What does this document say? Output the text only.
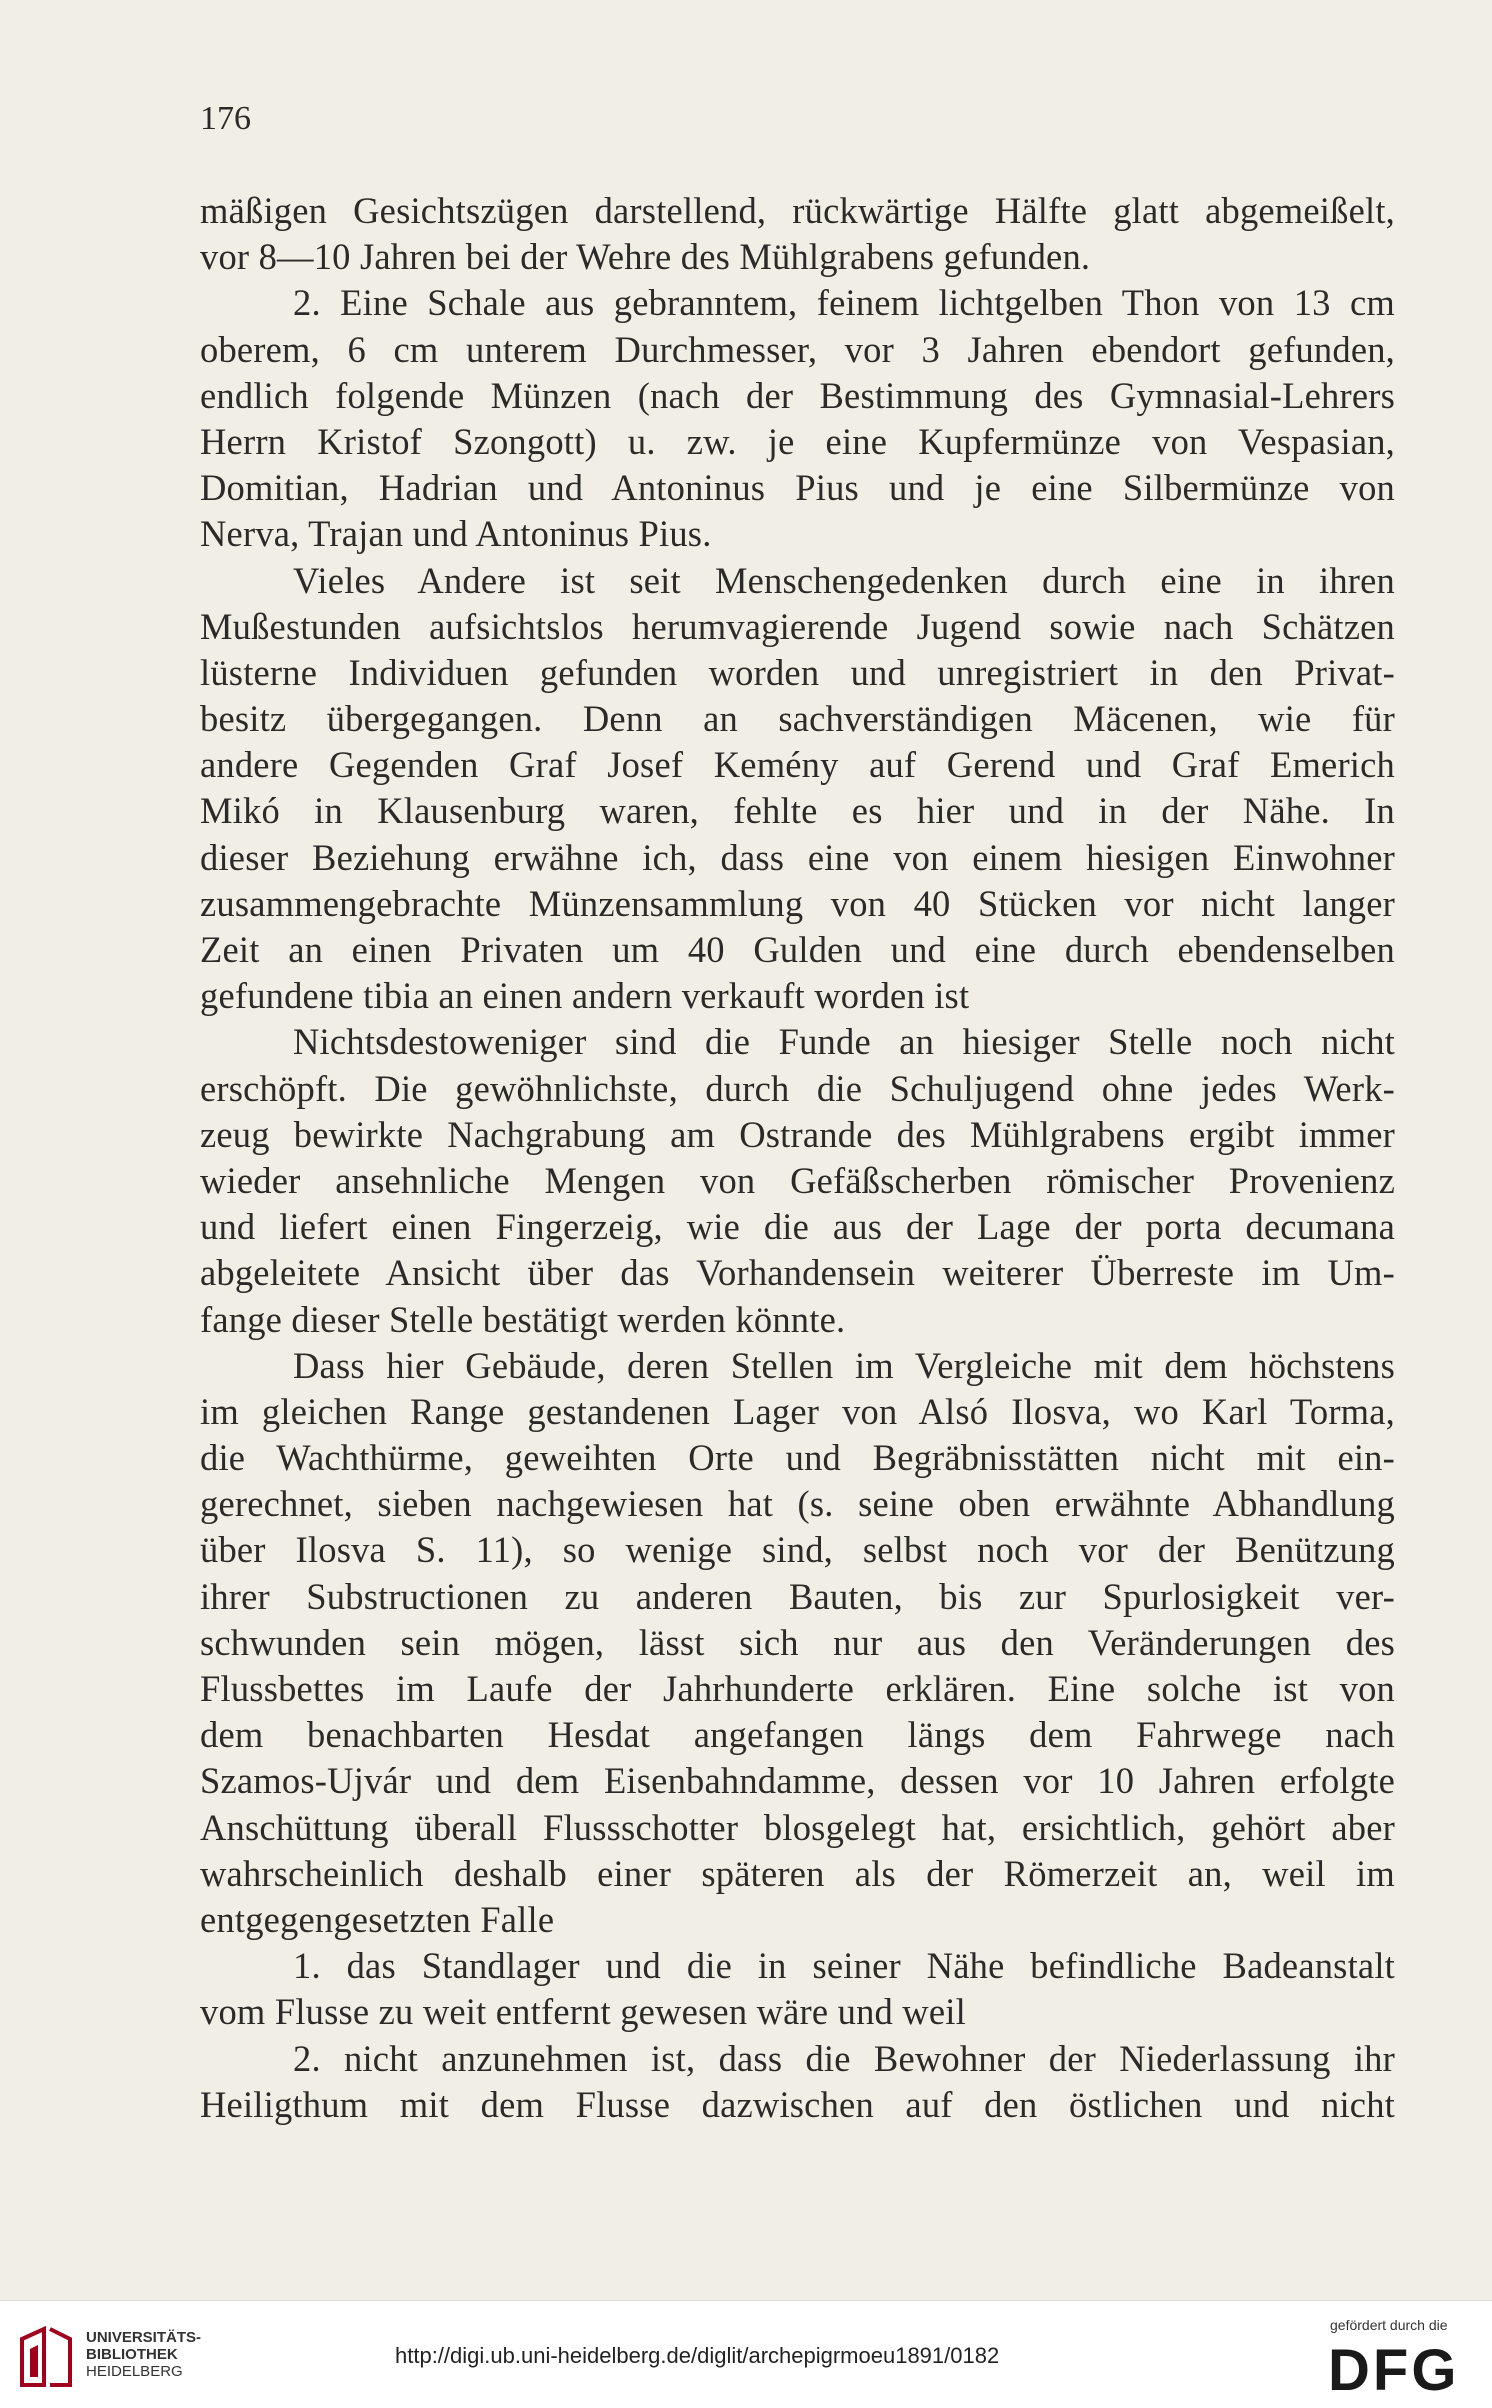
176
mäßigen Gesichtszügen darstellend, rückwärtige Hälfte glatt abgemeißelt,
vor 8—10 Jahren bei der Wehre des Mühlgrabens gefunden.
2. Eine Schale aus gebranntem, feinem lichtgelben Thon von 13 cm
oberem, 6 cm unterem Durchmesser, vor 3 Jahren ebendort gefunden,
endlich folgende Münzen (nach der Bestimmung des Gymnasial-Lehrers
Herrn Kristof Szongott) u. zw. je eine Kupfermünze von Vespasian,
Domitian, Hadrian und Antoninus Pius und je eine Silbermünze von
Nerva, Trajan und Antoninus Pius.
Vieles Andere ist seit Menschengedenken durch eine in ihren
Mußestunden aufsichtslos herumvagierende Jugend sowie nach Schätzen
lüsterne Individuen gefunden worden und unregistriert in den Privat-
besitz übergegangen. Denn an sachverständigen Mäcenen, wie für
andere Gegenden Graf Josef Kemény auf Gerend und Graf Emerich
Mikó in Klausenburg waren, fehlte es hier und in der Nähe. In
dieser Beziehung erwähne ich, dass eine von einem hiesigen Einwohner
zusammengebrachte Münzensammlung von 40 Stücken vor nicht langer
Zeit an einen Privaten um 40 Gulden und eine durch ebendenselben
gefundene tibia an einen andern verkauft worden ist
Nichtsdestoweniger sind die Funde an hiesiger Stelle noch nicht
erschöpft. Die gewöhnlichste, durch die Schuljugend ohne jedes Werk-
zeug bewirkte Nachgrabung am Ostrande des Mühlgrabens ergibt immer
wieder ansehnliche Mengen von Gefäßscherben römischer Provenienz
und liefert einen Fingerzeig, wie die aus der Lage der porta decumana
abgeleitete Ansicht über das Vorhandensein weiterer Überreste im Um-
fange dieser Stelle bestätigt werden könnte.
Dass hier Gebäude, deren Stellen im Vergleiche mit dem höchstens
im gleichen Range gestandenen Lager von Alsó Ilosva, wo Karl Torma,
die Wachthürme, geweihten Orte und Begräbnisstätten nicht mit ein-
gerechnet, sieben nachgewiesen hat (s. seine oben erwähnte Abhandlung
über Ilosva S. 11), so wenige sind, selbst noch vor der Benützung
ihrer Substructionen zu anderen Bauten, bis zur Spurlosigkeit ver-
schwunden sein mögen, lässt sich nur aus den Veränderungen des
Flussbettes im Laufe der Jahrhunderte erklären. Eine solche ist von
dem benachbarten Hesdat angefangen längs dem Fahrwege nach
Szamos-Ujvár und dem Eisenbahndamme, dessen vor 10 Jahren erfolgte
Anschüttung überall Flussschotter blosgelegt hat, ersichtlich, gehört aber
wahrscheinlich deshalb einer späteren als der Römerzeit an, weil im
entgegengesetzten Falle
1. das Standlager und die in seiner Nähe befindliche Badeanstalt
vom Flusse zu weit entfernt gewesen wäre und weil
2. nicht anzunehmen ist, dass die Bewohner der Niederlassung ihr
Heiligthum mit dem Flusse dazwischen auf den östlichen und nicht
UNIVERSITÄTS-
BIBLIOTHEK
HEIDELBERG
http://digi.ub.uni-heidelberg.de/diglit/archepigrmoeu1891/0182
gefördert durch die
DFG
